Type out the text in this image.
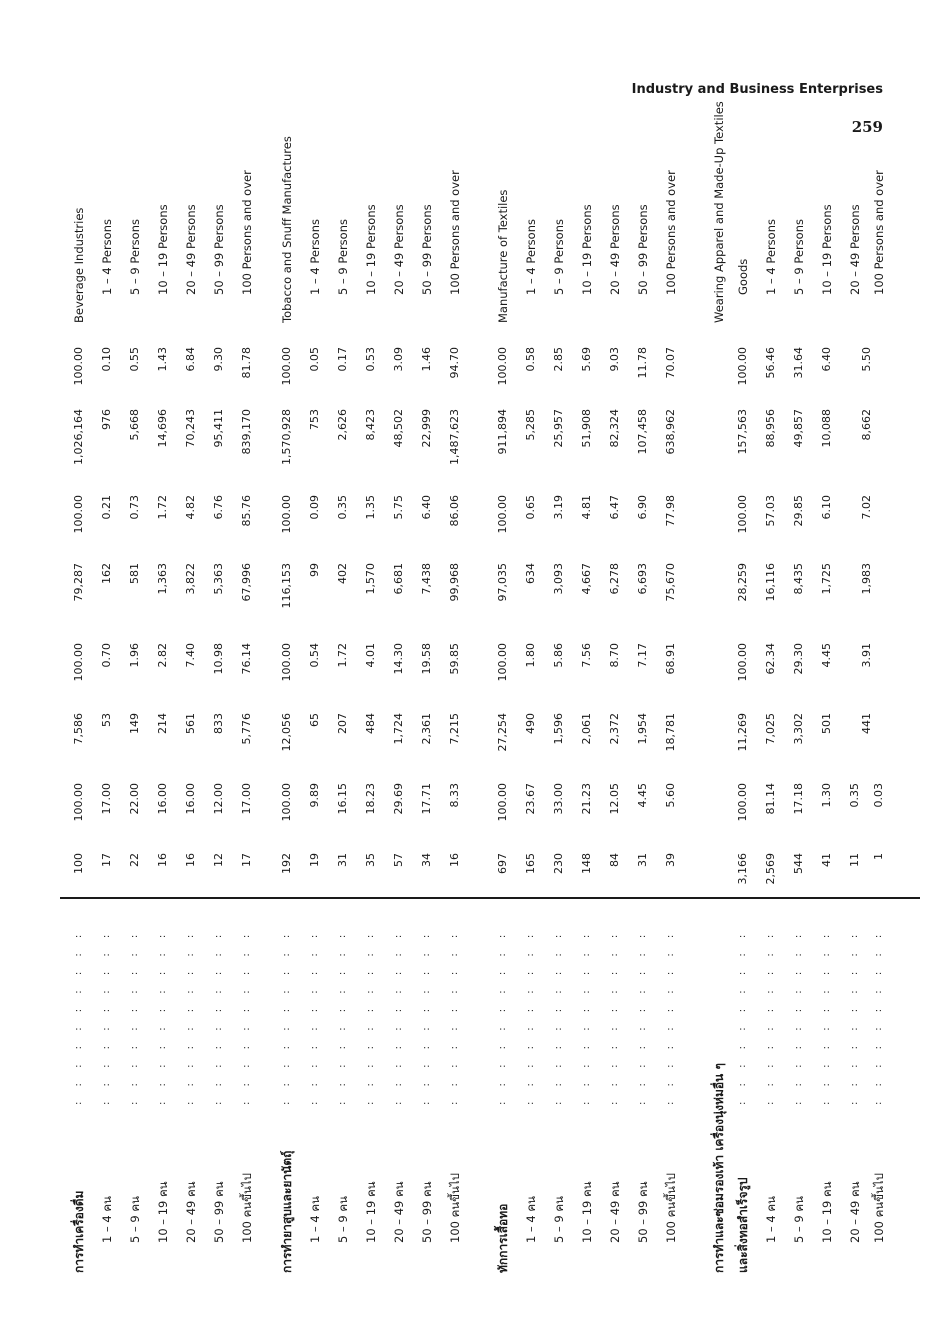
Industry and Business Enterprises
259
การทำเครื่องดื่ม
: : : : : : : : : :
100
100.00
7,586
100.00
79,287
100.00
1,026,164
100.00
Beverage Industries
1 – 4 คน
: : : : : : : : : :
17
17.00
53
0.70
162
0.21
976
0.10
1 – 4 Persons
5 – 9 คน
: : : : : : : : : :
22
22.00
149
1.96
581
0.73
5,668
0.55
5 – 9 Persons
10 – 19 คน
: : : : : : : : : :
16
16.00
214
2.82
1,363
1.72
14,696
1.43
10 – 19 Persons
20 – 49 คน
: : : : : : : : : :
16
16.00
561
7.40
3,822
4.82
70,243
6.84
20 – 49 Persons
50 – 99 คน
: : : : : : : : : :
12
12.00
833
10.98
5,363
6.76
95,411
9.30
50 – 99 Persons
100 คนขึ้นไป
: : : : : : : : : :
17
17.00
5,776
76.14
67,996
85.76
839,170
81.78
100 Persons and over
การทำยาสูบและยานัตถุ์
: : : : : : : : : :
192
100.00
12,056
100.00
116,153
100.00
1,570,928
100.00
Tobacco and Snuff Manufactures
1 – 4 คน
: : : : : : : : : :
19
9.89
65
0.54
99
0.09
753
0.05
1 – 4 Persons
5 – 9 คน
: : : : : : : : : :
31
16.15
207
1.72
402
0.35
2,626
0.17
5 – 9 Persons
10 – 19 คน
: : : : : : : : : :
35
18.23
484
4.01
1,570
1.35
8,423
0.53
10 – 19 Persons
20 – 49 คน
: : : : : : : : : :
57
29.69
1,724
14.30
6,681
5.75
48,502
3.09
20 – 49 Persons
50 – 99 คน
: : : : : : : : : :
34
17.71
2,361
19.58
7,438
6.40
22,999
1.46
50 – 99 Persons
100 คนขึ้นไป
: : : : : : : : : :
16
8.33
7,215
59.85
99,968
86.06
1,487,623
94.70
100 Persons and over
ทักการเสื้อทอ
: : : : : : : : : :
697
100.00
27,254
100.00
97,035
100.00
911,894
100.00
Manufacture of Textiles
1 – 4 คน
: : : : : : : : : :
165
23.67
490
1.80
634
0.65
5,285
0.58
1 – 4 Persons
5 – 9 คน
: : : : : : : : : :
230
33.00
1,596
5.86
3,093
3.19
25,957
2.85
5 – 9 Persons
10 – 19 คน
: : : : : : : : : :
148
21.23
2,061
7.56
4,667
4.81
51,908
5.69
10 – 19 Persons
20 – 49 คน
: : : : : : : : : :
84
12.05
2,372
8.70
6,278
6.47
82,324
9.03
20 – 49 Persons
50 – 99 คน
: : : : : : : : : :
31
4.45
1,954
7.17
6,693
6.90
107,458
11.78
50 – 99 Persons
100 คนขึ้นไป
: : : : : : : : : :
39
5.60
18,781
68.91
75,670
77.98
638,962
70.07
100 Persons and over
การทำและซ่อมรองเท้า เครื่องนุ่งห่มอื่น ๆ
Wearing Apparel and Made-Up Textiles
และสิ่งทอสำเร็จรูป
: : : : : : : : : :
3,166
100.00
11,269
100.00
28,259
100.00
157,563
100.00
Goods
1 – 4 คน
: : : : : : : : : :
2,569
81.14
7,025
62.34
16,116
57.03
88,956
56.46
1 – 4 Persons
5 – 9 คน
: : : : : : : : : :
544
17.18
3,302
29.30
8,435
29.85
49,857
31.64
5 – 9 Persons
10 – 19 คน
: : : : : : : : : :
41
1.30
501
4.45
1,725
6.10
10,088
6.40
10 – 19 Persons
20 – 49 คน
: : : : : : : : : :
11
0.35
20 – 49 Persons
100 คนขึ้นไป
: : : : : : : : : :
1
0.03
441
3.91
1,983
7.02
8,662
5.50
100 Persons and over
